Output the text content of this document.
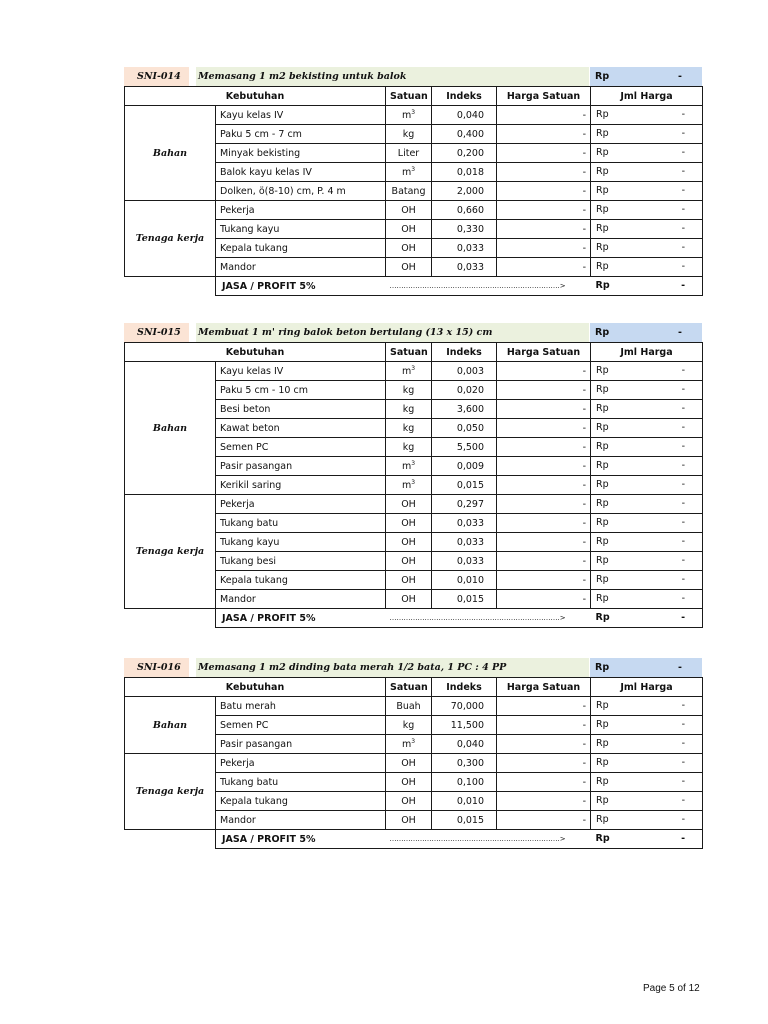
SNI-014	Memasang 1 m2 bekisting untuk balok	Rp	-
Kebutuhan		Satuan	Indeks	Harga Satuan	Jml Harga
Bahan	Kayu kelas IV	$m^3$	0,040	-	Rp -

	Paku 5 cm - 7 cm	kg	0,400	-	Rp -

	Minyak bekisting	Liter	0,200	-	Rp -

	Balok kayu kelas IV	$m^3$	0,018	-	Rp -

	Dolken, ö(8-10) cm, P. 4 m	Batang	2,000	-	Rp -

Tenaga kerja	Pekerja	OH	0,660	-	Rp -

	Tukang kayu	OH	0,330	-	Rp -

	Kepala tukang	OH	0,033	-	Rp -

	Mandor	OH	0,033	-	Rp -

	JASA / PROFIT 5%	……………………………………………………………….>			Rp -
SNI-015	Membuat 1 m' ring balok beton bertulang (13 x 15) cm	Rp	-
Kebutuhan		Satuan	Indeks	Harga Satuan	Jml Harga
Bahan	Kayu kelas IV	$m^3$	0,003	-	Rp -

	Paku 5 cm - 10 cm	kg	0,020	-	Rp -

	Besi beton	kg	3,600	-	Rp -

	Kawat beton	kg	0,050	-	Rp -

	Semen PC	kg	5,500	-	Rp -

	Pasir pasangan	$m^3$	0,009	-	Rp -

	Kerikil saring	$m^3$	0,015	-	Rp -

Tenaga kerja	Pekerja	OH	0,297	-	Rp -

	Tukang batu	OH	0,033	-	Rp -

	Tukang kayu	OH	0,033	-	Rp -

	Tukang besi	OH	0,033	-	Rp -

	Kepala tukang	OH	0,010	-	Rp -

	Mandor	OH	0,015	-	Rp -

	JASA / PROFIT 5%	……………………………………………………………….>			Rp -
SNI-016	Memasang 1 m2 dinding bata merah 1/2 bata, 1 PC : 4 PP	Rp	-
Kebutuhan		Satuan	Indeks	Harga Satuan	Jml Harga
Bahan	Batu merah	Buah	70,000	-	Rp -

	Semen PC	kg	11,500	-	Rp -

	Pasir pasangan	$m^3$	0,040	-	Rp -

Tenaga kerja	Pekerja	OH	0,300	-	Rp -

	Tukang batu	OH	0,100	-	Rp -

	Kepala tukang	OH	0,010	-	Rp -

	Mandor	OH	0,015	-	Rp -

	JASA / PROFIT 5%	……………………………………………………………….>			Rp -
Page 5 of 12
